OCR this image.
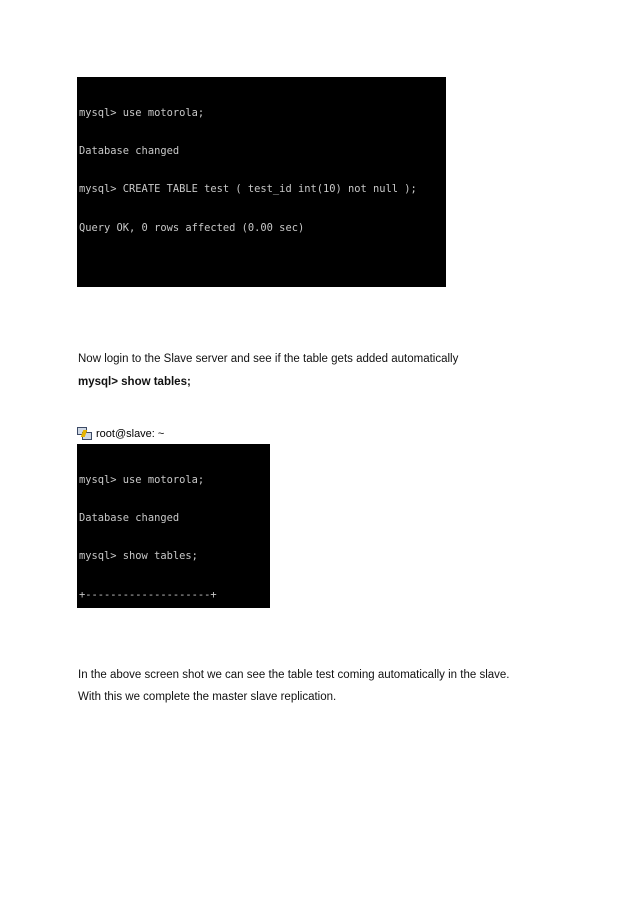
mysql> use motorola;

Database changed

mysql> CREATE TABLE test ( test_id int(10) not null );

Query OK, 0 rows affected (0.00 sec)

Now login to the Slave server and see if the table gets added automatically
mysql> show tables;
root@slave: ~

mysql> use motorola;

Database changed

mysql> show tables;

+--------------------+

In the above screen shot we can see the table test coming automatically in the slave.
With this we complete the master slave replication.
